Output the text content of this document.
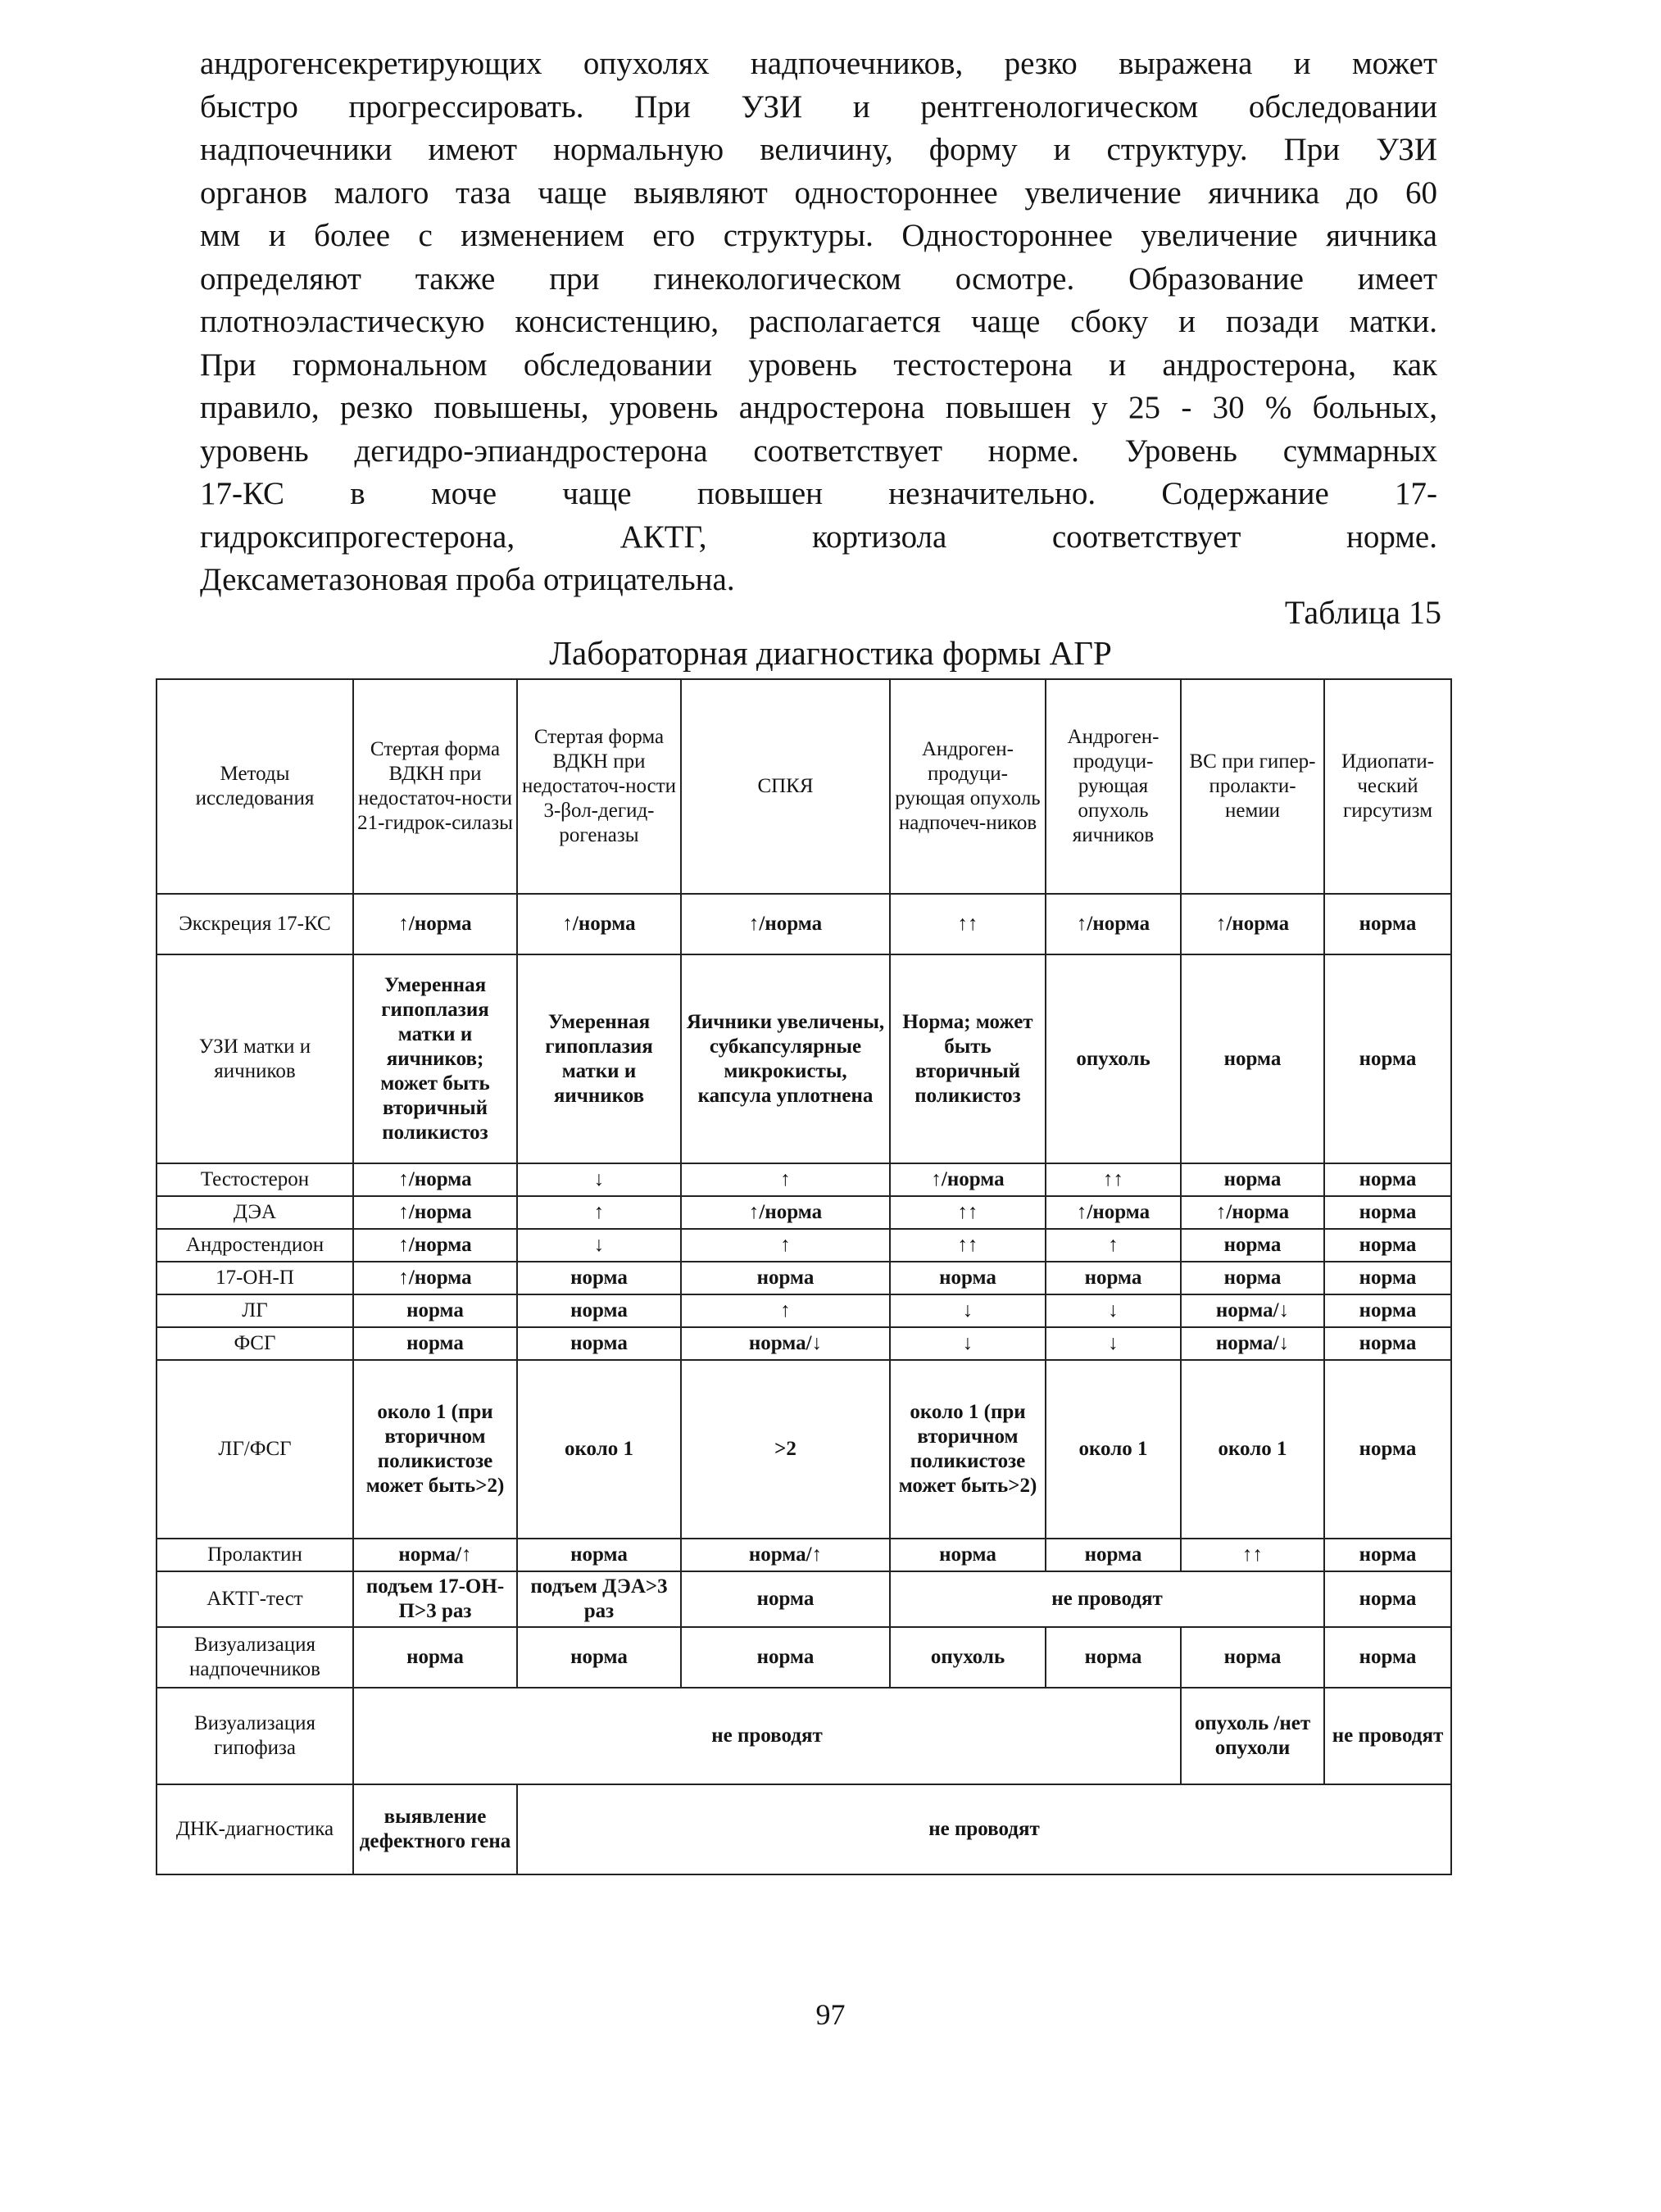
андрогенсекретирующих опухолях надпочечников, резко выражена и может
быстро прогрессировать. При УЗИ и рентгенологическом обследовании
надпочечники имеют нормальную величину, форму и структуру. При УЗИ
органов малого таза чаще выявляют одностороннее увеличение яичника до 60
мм и более с изменением его структуры. Одностороннее увеличение яичника
определяют также при гинекологическом осмотре. Образование имеет
плотноэластическую консистенцию, располагается чаще сбоку и позади матки.
При гормональном обследовании уровень тестостерона и андростерона, как
правило, резко повышены, уровень андростерона повышен у 25 - 30 % больных,
уровень дегидро-эпиандростерона соответствует норме. Уровень суммарных
17-КС в моче чаще повышен незначительно. Содержание 17-
гидроксипрогестерона, АКТГ, кортизола соответствует норме.
Дексаметазоновая проба отрицательна.

Таблица 15

Лабораторная диагностика формы АГР
Методы исследования	Стертая форма ВДКН при недостаточ-ности 21-гидрок-силазы	Стертая форма ВДКН при недостаточ-ности 3-βол-дегид-рогеназы	СПКЯ	Андроген-продуци-рующая опухоль надпочеч-ников	Андроген-продуци-рующая опухоль яичников	ВС при гипер-пролакти-немии	Идиопати-ческий гирсутизм
Экскреция 17-КС	↑/норма	↑/норма	↑/норма	↑↑	↑/норма	↑/норма	норма
УЗИ матки и яичников	Умеренная гипоплазия матки и яичников; может быть вторичный поликистоз	Умеренная гипоплазия матки и яичников	Яичники увеличены, субкапсулярные микрокисты, капсула уплотнена	Норма; может быть вторичный поликистоз	опухоль	норма	норма
Тестостерон	↑/норма	↓	↑	↑/норма	↑↑	норма	норма
ДЭА	↑/норма	↑	↑/норма	↑↑	↑/норма	↑/норма	норма
Андростендион	↑/норма	↓	↑	↑↑	↑	норма	норма
17-ОН-П	↑/норма	норма	норма	норма	норма	норма	норма
ЛГ	норма	норма	↑	↓	↓	норма/↓	норма
ФСГ	норма	норма	норма/↓	↓	↓	норма/↓	норма
ЛГ/ФСГ	около 1 (при вторичном поликистозе может быть>2)	около 1	>2	около 1 (при вторичном поликистозе может быть>2)	около 1	около 1	норма
Пролактин	норма/↑	норма	норма/↑	норма	норма	↑↑	норма
АКТГ-тест	подъем 17-ОН-П>3 раз	подъем ДЭА>3 раз	норма	не проводят			норма
Визуализация надпочечников	норма	норма	норма	опухоль	норма	норма	норма
Визуализация гипофиза	не проводят					опухоль /нет опухоли	не проводят
ДНК-диагностика	выявление дефектного гена	не проводят					

97
